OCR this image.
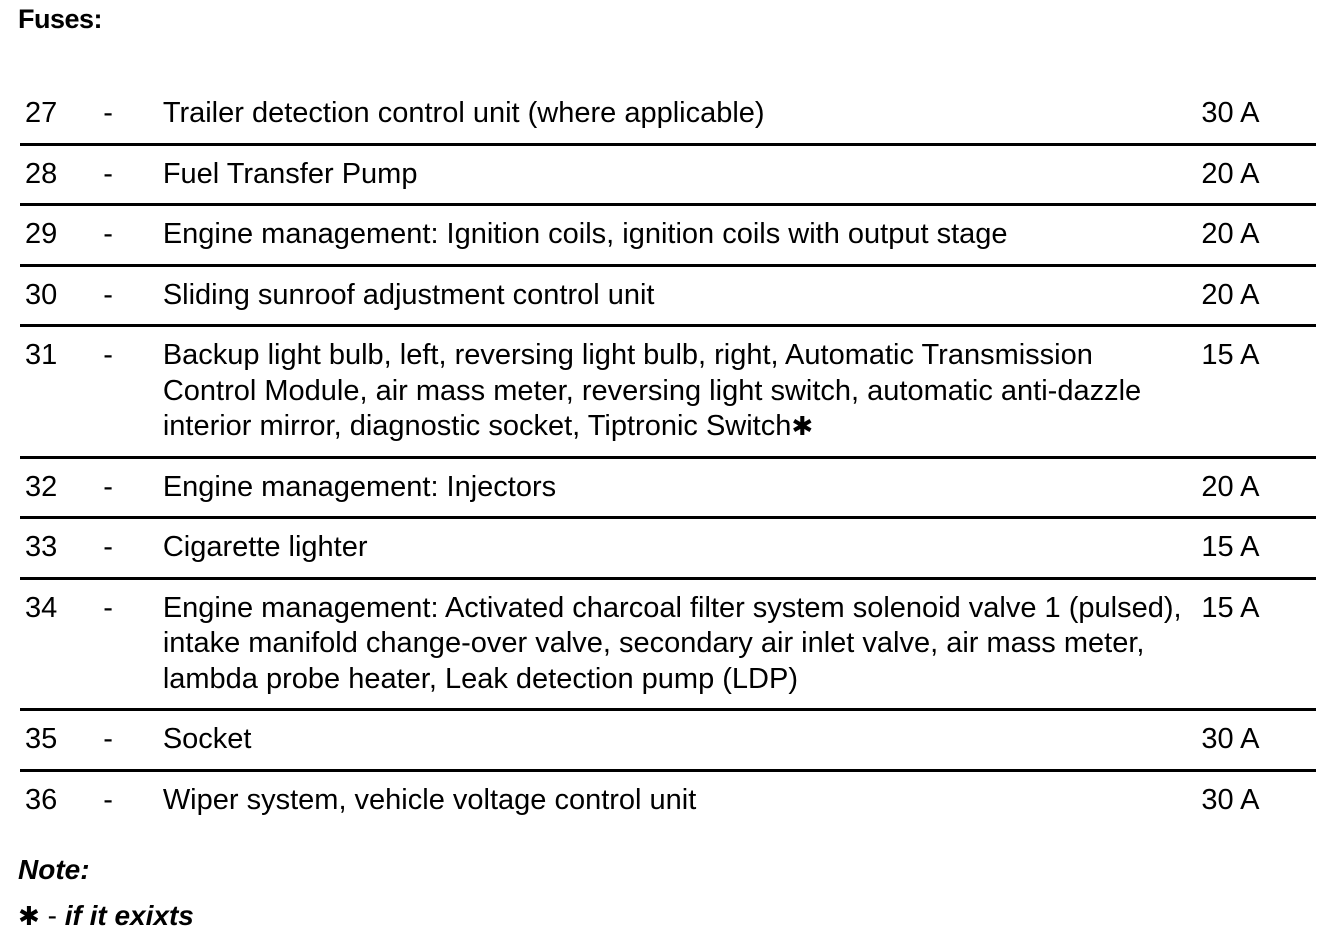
Fuses:
27	-	Trailer detection control unit (where applicable)	30 A
28	-	Fuel Transfer Pump	20 A
29	-	Engine management: Ignition coils, ignition coils with output stage	20 A
30	-	Sliding sunroof adjustment control unit	20 A
31	-	Backup light bulb, left, reversing light bulb, right, Automatic Transmission Control Module, air mass meter, reversing light switch, automatic anti-dazzle interior mirror, diagnostic socket, Tiptronic Switch✱	15 A
32	-	Engine management: Injectors	20 A
33	-	Cigarette lighter	15 A
34	-	Engine management: Activated charcoal filter system solenoid valve 1 (pulsed), intake manifold change-over valve, secondary air inlet valve, air mass meter, lambda probe heater, Leak detection pump (LDP)	15 A
35	-	Socket	30 A
36	-	Wiper system, vehicle voltage control unit	30 A
Note:
✱ - if it exixts
